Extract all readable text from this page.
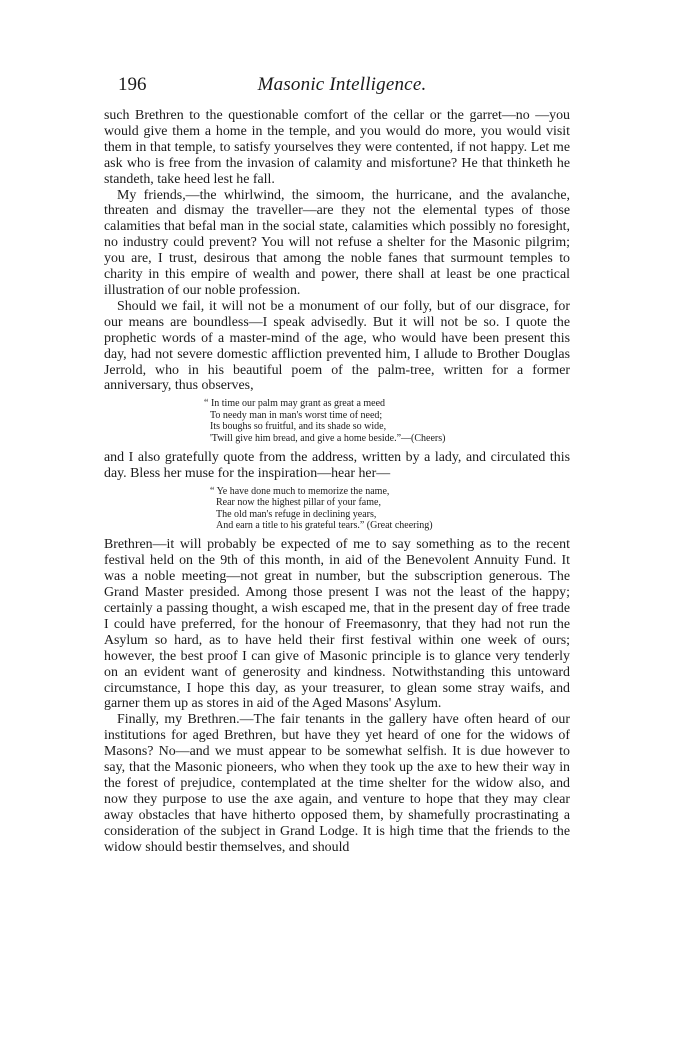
196	Masonic Intelligence.

such Brethren to the questionable comfort of the cellar or the garret—no —you would give them a home in the temple, and you would do more, you would visit them in that temple, to satisfy yourselves they were contented, if not happy. Let me ask who is free from the invasion of calamity and misfortune? He that thinketh he standeth, take heed lest he fall.

My friends,—the whirlwind, the simoom, the hurricane, and the avalanche, threaten and dismay the traveller—are they not the elemental types of those calamities that befal man in the social state, calamities which possibly no foresight, no industry could prevent? You will not refuse a shelter for the Masonic pilgrim; you are, I trust, desirous that among the noble fanes that surmount temples to charity in this empire of wealth and power, there shall at least be one practical illustration of our noble profession.

Should we fail, it will not be a monument of our folly, but of our disgrace, for our means are boundless—I speak advisedly. But it will not be so. I quote the prophetic words of a master-mind of the age, who would have been present this day, had not severe domestic affliction prevented him, I allude to Brother Douglas Jerrold, who in his beautiful poem of the palm-tree, written for a former anniversary, thus observes,

“ In time our palm may grant as great a meed
To needy man in man's worst time of need;
Its boughs so fruitful, and its shade so wide,
'Twill give him bread, and give a home beside.”—(Cheers)

and I also gratefully quote from the address, written by a lady, and circulated this day. Bless her muse for the inspiration—hear her—

“ Ye have done much to memorize the name,
Rear now the highest pillar of your fame,
The old man's refuge in declining years,
And earn a title to his grateful tears.” (Great cheering)

Brethren—it will probably be expected of me to say something as to the recent festival held on the 9th of this month, in aid of the Benevolent Annuity Fund. It was a noble meeting—not great in number, but the subscription generous. The Grand Master presided. Among those present I was not the least of the happy; certainly a passing thought, a wish escaped me, that in the present day of free trade I could have preferred, for the honour of Freemasonry, that they had not run the Asylum so hard, as to have held their first festival within one week of ours; however, the best proof I can give of Masonic principle is to glance very tenderly on an evident want of generosity and kindness. Notwithstanding this untoward circumstance, I hope this day, as your treasurer, to glean some stray waifs, and garner them up as stores in aid of the Aged Masons' Asylum.

Finally, my Brethren.—The fair tenants in the gallery have often heard of our institutions for aged Brethren, but have they yet heard of one for the widows of Masons? No—and we must appear to be somewhat selfish. It is due however to say, that the Masonic pioneers, who when they took up the axe to hew their way in the forest of prejudice, contemplated at the time shelter for the widow also, and now they purpose to use the axe again, and venture to hope that they may clear away obstacles that have hitherto opposed them, by shamefully procrastinating a consideration of the subject in Grand Lodge. It is high time that the friends to the widow should bestir themselves, and should
